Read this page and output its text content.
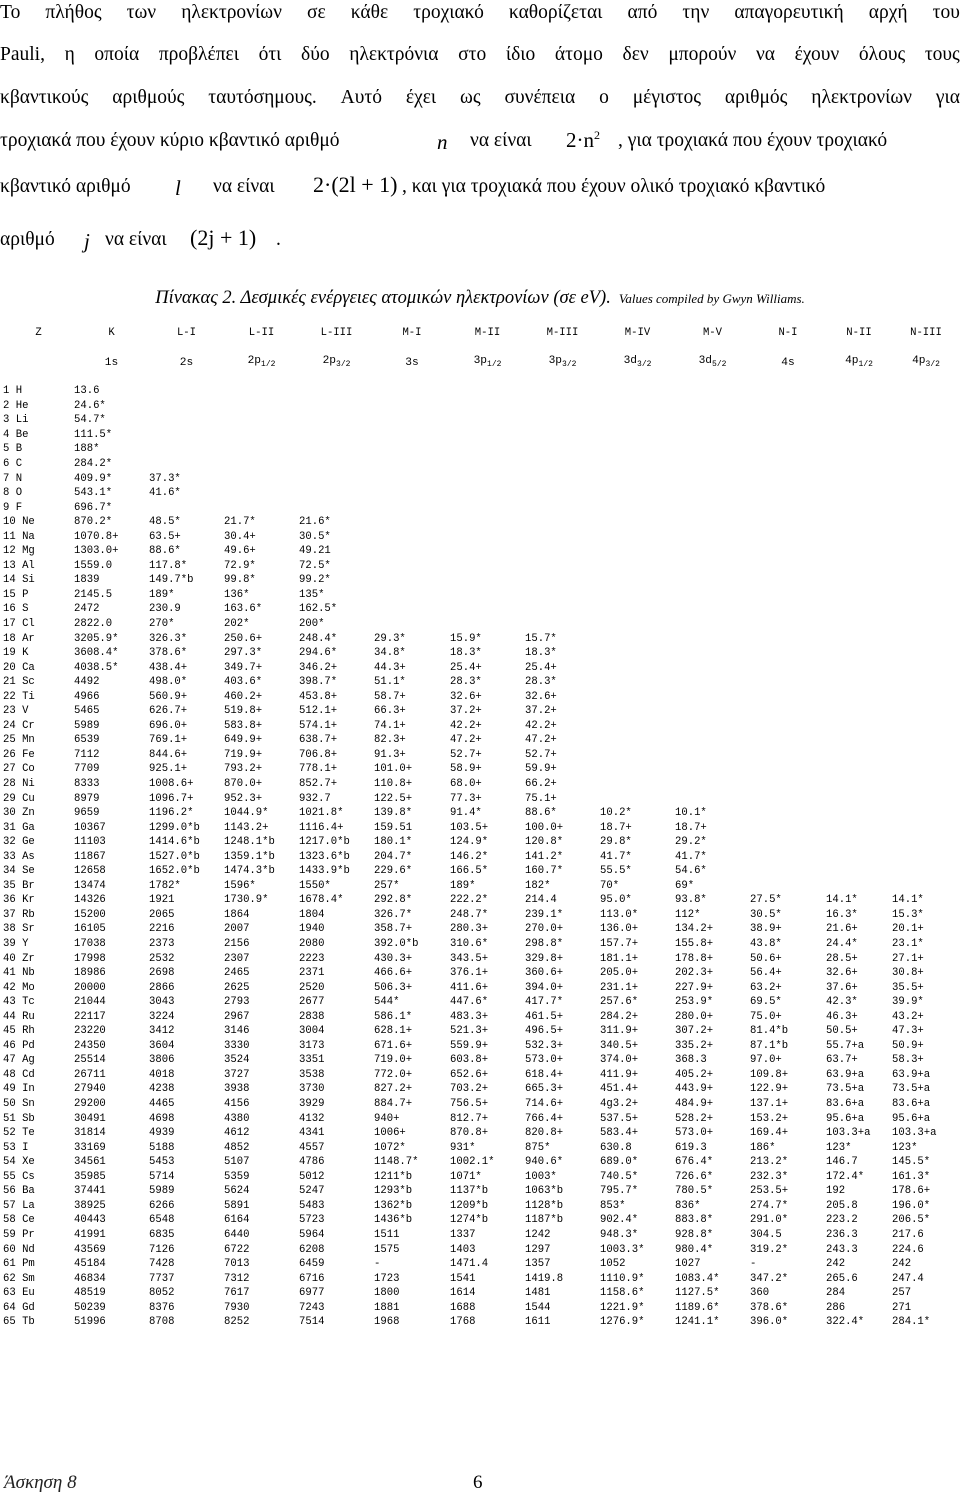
Το πλήθος των ηλεκτρονίων σε κάθε τροχιακό καθορίζεται από την απαγορευτική αρχή του
Pauli, η οποία προβλέπει ότι δύο ηλεκτρόνια στο ίδιο άτομο δεν μπορούν να έχουν όλους τους
κβαντικούς αριθμούς ταυτόσημους. Αυτό έχει ως συνέπεια ο μέγιστος αριθμός ηλεκτρονίων για
τροχιακά που έχουν κύριο κβαντικό αριθμό	n να είναι $2\cdot n^2$ , για τροχιακά που έχουν τροχιακό
κβαντικό αριθμό l να είναι 2·(2l + 1) , και για τροχιακά που έχουν ολικό τροχιακό κβαντικό
αριθμό j να είναι (2j + 1) .
Πίνακας 2. Δεσμικές ενέργειες ατομικών ηλεκτρονίων (σε eV). Values compiled by Gwyn Williams.
Z	K	L-I	L-II	L-III	M-I	M-II	M-III	M-IV	M-V	N-I	N-II	N-III
	1s	2s	$2p_{1/2}$	$2p_{3/2}$	3s	$3p_{1/2}$	$3p_{3/2}$	$3d_{3/2}$	$3d_{5/2}$	4s	$4p_{1/2}$	$4p_{3/2}$

1 H	13.6											
2 He	24.6*											
3 Li	54.7*											
4 Be	111.5*											
5 B	188*											
6 C	284.2*											
7 N	409.9*	37.3*										
8 O	543.1*	41.6*										
9 F	696.7*											
10 Ne	870.2*	48.5*	21.7*	21.6*								
11 Na	1070.8+	63.5+	30.4+	30.5*								
12 Mg	1303.0+	88.6*	49.6+	49.21								
13 Al	1559.0	117.8*	72.9*	72.5*								
14 Si	1839	149.7*b	99.8*	99.2*								
15 P	2145.5	189*	136*	135*								
16 S	2472	230.9	163.6*	162.5*								
17 Cl	2822.0	270*	202*	200*								
18 Ar	3205.9*	326.3*	250.6+	248.4*	29.3*	15.9*	15.7*					
19 K	3608.4*	378.6*	297.3*	294.6*	34.8*	18.3*	18.3*					
20 Ca	4038.5*	438.4+	349.7+	346.2+	44.3+	25.4+	25.4+					
21 Sc	4492	498.0*	403.6*	398.7*	51.1*	28.3*	28.3*					
22 Ti	4966	560.9+	460.2+	453.8+	58.7+	32.6+	32.6+					
23 V	5465	626.7+	519.8+	512.1+	66.3+	37.2+	37.2+					
24 Cr	5989	696.0+	583.8+	574.1+	74.1+	42.2+	42.2+					
25 Mn	6539	769.1+	649.9+	638.7+	82.3+	47.2+	47.2+					
26 Fe	7112	844.6+	719.9+	706.8+	91.3+	52.7+	52.7+					
27 Co	7709	925.1+	793.2+	778.1+	101.0+	58.9+	59.9+					
28 Ni	8333	1008.6+	870.0+	852.7+	110.8+	68.0+	66.2+					
29 Cu	8979	1096.7+	952.3+	932.7	122.5+	77.3+	75.1+					
30 Zn	9659	1196.2*	1044.9*	1021.8*	139.8*	91.4*	88.6*	10.2*	10.1*			
31 Ga	10367	1299.0*b	1143.2+	1116.4+	159.51	103.5+	100.0+	18.7+	18.7+			
32 Ge	11103	1414.6*b	1248.1*b	1217.0*b	180.1*	124.9*	120.8*	29.8*	29.2*			
33 As	11867	1527.0*b	1359.1*b	1323.6*b	204.7*	146.2*	141.2*	41.7*	41.7*			
34 Se	12658	1652.0*b	1474.3*b	1433.9*b	229.6*	166.5*	160.7*	55.5*	54.6*			
35 Br	13474	1782*	1596*	1550*	257*	189*	182*	70*	69*			
36 Kr	14326	1921	1730.9*	1678.4*	292.8*	222.2*	214.4	95.0*	93.8*	27.5*	14.1*	14.1*
37 Rb	15200	2065	1864	1804	326.7*	248.7*	239.1*	113.0*	112*	30.5*	16.3*	15.3*
38 Sr	16105	2216	2007	1940	358.7+	280.3+	270.0+	136.0+	134.2+	38.9+	21.6+	20.1+
39 Y	17038	2373	2156	2080	392.0*b	310.6*	298.8*	157.7+	155.8+	43.8*	24.4*	23.1*
40 Zr	17998	2532	2307	2223	430.3+	343.5+	329.8+	181.1+	178.8+	50.6+	28.5+	27.1+
41 Nb	18986	2698	2465	2371	466.6+	376.1+	360.6+	205.0+	202.3+	56.4+	32.6+	30.8+
42 Mo	20000	2866	2625	2520	506.3+	411.6+	394.0+	231.1+	227.9+	63.2+	37.6+	35.5+
43 Tc	21044	3043	2793	2677	544*	447.6*	417.7*	257.6*	253.9*	69.5*	42.3*	39.9*
44 Ru	22117	3224	2967	2838	586.1*	483.3+	461.5+	284.2+	280.0+	75.0+	46.3+	43.2+
45 Rh	23220	3412	3146	3004	628.1+	521.3+	496.5+	311.9+	307.2+	81.4*b	50.5+	47.3+
46 Pd	24350	3604	3330	3173	671.6+	559.9+	532.3+	340.5+	335.2+	87.1*b	55.7+a	50.9+
47 Ag	25514	3806	3524	3351	719.0+	603.8+	573.0+	374.0+	368.3	97.0+	63.7+	58.3+
48 Cd	26711	4018	3727	3538	772.0+	652.6+	618.4+	411.9+	405.2+	109.8+	63.9+a	63.9+a
49 In	27940	4238	3938	3730	827.2+	703.2+	665.3+	451.4+	443.9+	122.9+	73.5+a	73.5+a
50 Sn	29200	4465	4156	3929	884.7+	756.5+	714.6+	4g3.2+	484.9+	137.1+	83.6+a	83.6+a
51 Sb	30491	4698	4380	4132	940+	812.7+	766.4+	537.5+	528.2+	153.2+	95.6+a	95.6+a
52 Te	31814	4939	4612	4341	1006+	870.8+	820.8+	583.4+	573.0+	169.4+	103.3+a	103.3+a
53 I	33169	5188	4852	4557	1072*	931*	875*	630.8	619.3	186*	123*	123*
54 Xe	34561	5453	5107	4786	1148.7*	1002.1*	940.6*	689.0*	676.4*	213.2*	146.7	145.5*
55 Cs	35985	5714	5359	5012	1211*b	1071*	1003*	740.5*	726.6*	232.3*	172.4*	161.3*
56 Ba	37441	5989	5624	5247	1293*b	1137*b	1063*b	795.7*	780.5*	253.5+	192	178.6+
57 La	38925	6266	5891	5483	1362*b	1209*b	1128*b	853*	836*	274.7*	205.8	196.0*
58 Ce	40443	6548	6164	5723	1436*b	1274*b	1187*b	902.4*	883.8*	291.0*	223.2	206.5*
59 Pr	41991	6835	6440	5964	1511	1337	1242	948.3*	928.8*	304.5	236.3	217.6
60 Nd	43569	7126	6722	6208	1575	1403	1297	1003.3*	980.4*	319.2*	243.3	224.6
61 Pm	45184	7428	7013	6459	-	1471.4	1357	1052	1027	-	242	242
62 Sm	46834	7737	7312	6716	1723	1541	1419.8	1110.9*	1083.4*	347.2*	265.6	247.4
63 Eu	48519	8052	7617	6977	1800	1614	1481	1158.6*	1127.5*	360	284	257
64 Gd	50239	8376	7930	7243	1881	1688	1544	1221.9*	1189.6*	378.6*	286	271
65 Tb	51996	8708	8252	7514	1968	1768	1611	1276.9*	1241.1*	396.0*	322.4*	284.1*
Άσκηση 8	6
